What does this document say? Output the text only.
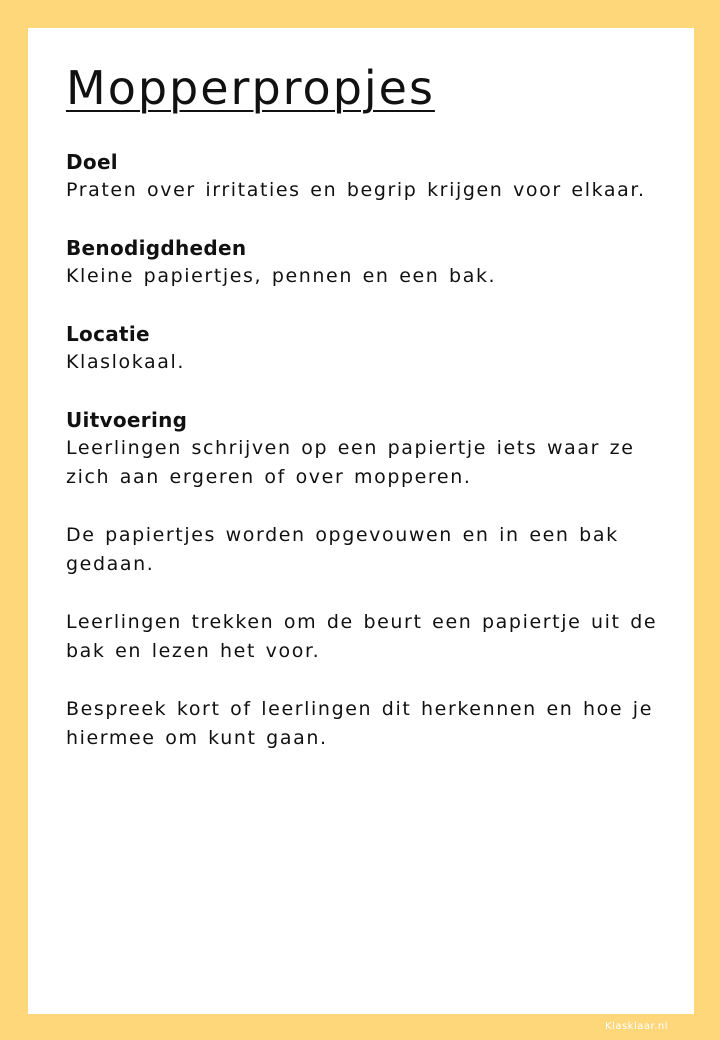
Mopperpropjes

Doel

Praten over irritaties en begrip krijgen voor elkaar.

Benodigdheden

Kleine papiertjes, pennen en een bak.

Locatie

Klaslokaal.

Uitvoering

Leerlingen schrijven op een papiertje iets waar ze zich aan ergeren of over mopperen.

De papiertjes worden opgevouwen en in een bak gedaan.

Leerlingen trekken om de beurt een papiertje uit de bak en lezen het voor.

Bespreek kort of leerlingen dit herkennen en hoe je hiermee om kunt gaan.

Klasklaar.nl
